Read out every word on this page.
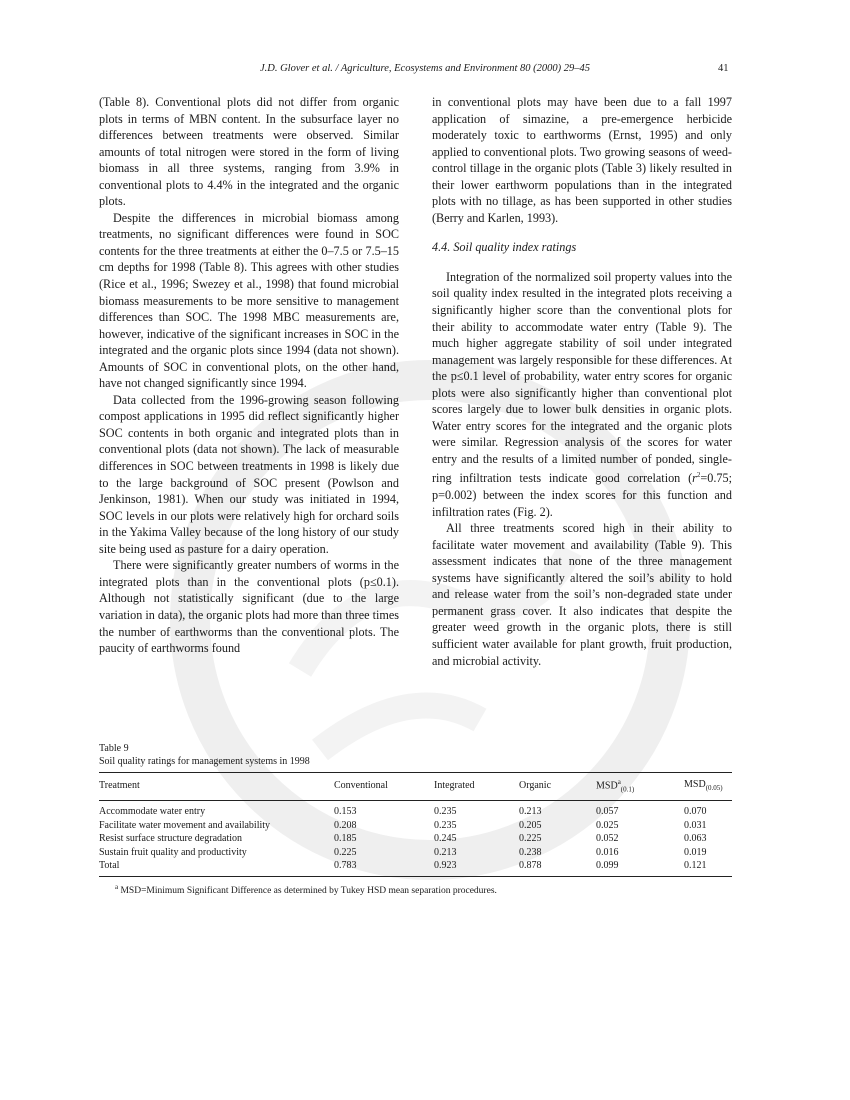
J.D. Glover et al. / Agriculture, Ecosystems and Environment 80 (2000) 29–45	41

(Table 8). Conventional plots did not differ from organic plots in terms of MBN content. In the subsurface layer no differences between treatments were observed. Similar amounts of total nitrogen were stored in the form of living biomass in all three systems, ranging from 3.9% in conventional plots to 4.4% in the integrated and the organic plots.

Despite the differences in microbial biomass among treatments, no significant differences were found in SOC contents for the three treatments at either the 0–7.5 or 7.5–15 cm depths for 1998 (Table 8). This agrees with other studies (Rice et al., 1996; Swezey et al., 1998) that found microbial biomass measurements to be more sensitive to management differences than SOC. The 1998 MBC measurements are, however, indicative of the significant increases in SOC in the integrated and the organic plots since 1994 (data not shown). Amounts of SOC in conventional plots, on the other hand, have not changed significantly since 1994.

Data collected from the 1996-growing season following compost applications in 1995 did reflect significantly higher SOC contents in both organic and integrated plots than in conventional plots (data not shown). The lack of measurable differences in SOC between treatments in 1998 is likely due to the large background of SOC present (Powlson and Jenkinson, 1981). When our study was initiated in 1994, SOC levels in our plots were relatively high for orchard soils in the Yakima Valley because of the long history of our study site being used as pasture for a dairy operation.

There were significantly greater numbers of worms in the integrated plots than in the conventional plots (p≤0.1). Although not statistically significant (due to the large variation in data), the organic plots had more than three times the number of earthworms than the conventional plots. The paucity of earthworms found

in conventional plots may have been due to a fall 1997 application of simazine, a pre-emergence herbicide moderately toxic to earthworms (Ernst, 1995) and only applied to conventional plots. Two growing seasons of weed-control tillage in the organic plots (Table 3) likely resulted in their lower earthworm populations than in the integrated plots with no tillage, as has been supported in other studies (Berry and Karlen, 1993).

4.4. Soil quality index ratings

Integration of the normalized soil property values into the soil quality index resulted in the integrated plots receiving a significantly higher score than the conventional plots for their ability to accommodate water entry (Table 9). The much higher aggregate stability of soil under integrated management was largely responsible for these differences. At the p≤0.1 level of probability, water entry scores for organic plots were also significantly higher than conventional plot scores largely due to lower bulk densities in organic plots. Water entry scores for the integrated and the organic plots were similar. Regression analysis of the scores for water entry and the results of a limited number of ponded, single-ring infiltration tests indicate good correlation ($r^2=0.75$; p=0.002) between the index scores for this function and infiltration rates (Fig. 2).

All three treatments scored high in their ability to facilitate water movement and availability (Table 9). This assessment indicates that none of the three management systems have significantly altered the soil’s ability to hold and release water from the soil’s non-degraded state under permanent grass cover. It also indicates that despite the greater weed growth in the organic plots, there is still sufficient water available for plant growth, fruit production, and microbial activity.

Table 9
Soil quality ratings for management systems in 1998
Treatment	Conventional	Integrated	Organic	$MSD^a_{(0.1)}$	$MSD_{(0.05)}$
Accommodate water entry	0.153	0.235	0.213	0.057	0.070
Facilitate water movement and availability	0.208	0.235	0.205	0.025	0.031
Resist surface structure degradation	0.185	0.245	0.225	0.052	0.063
Sustain fruit quality and productivity	0.225	0.213	0.238	0.016	0.019
Total	0.783	0.923	0.878	0.099	0.121
$^a$ MSD=Minimum Significant Difference as determined by Tukey HSD mean separation procedures.
